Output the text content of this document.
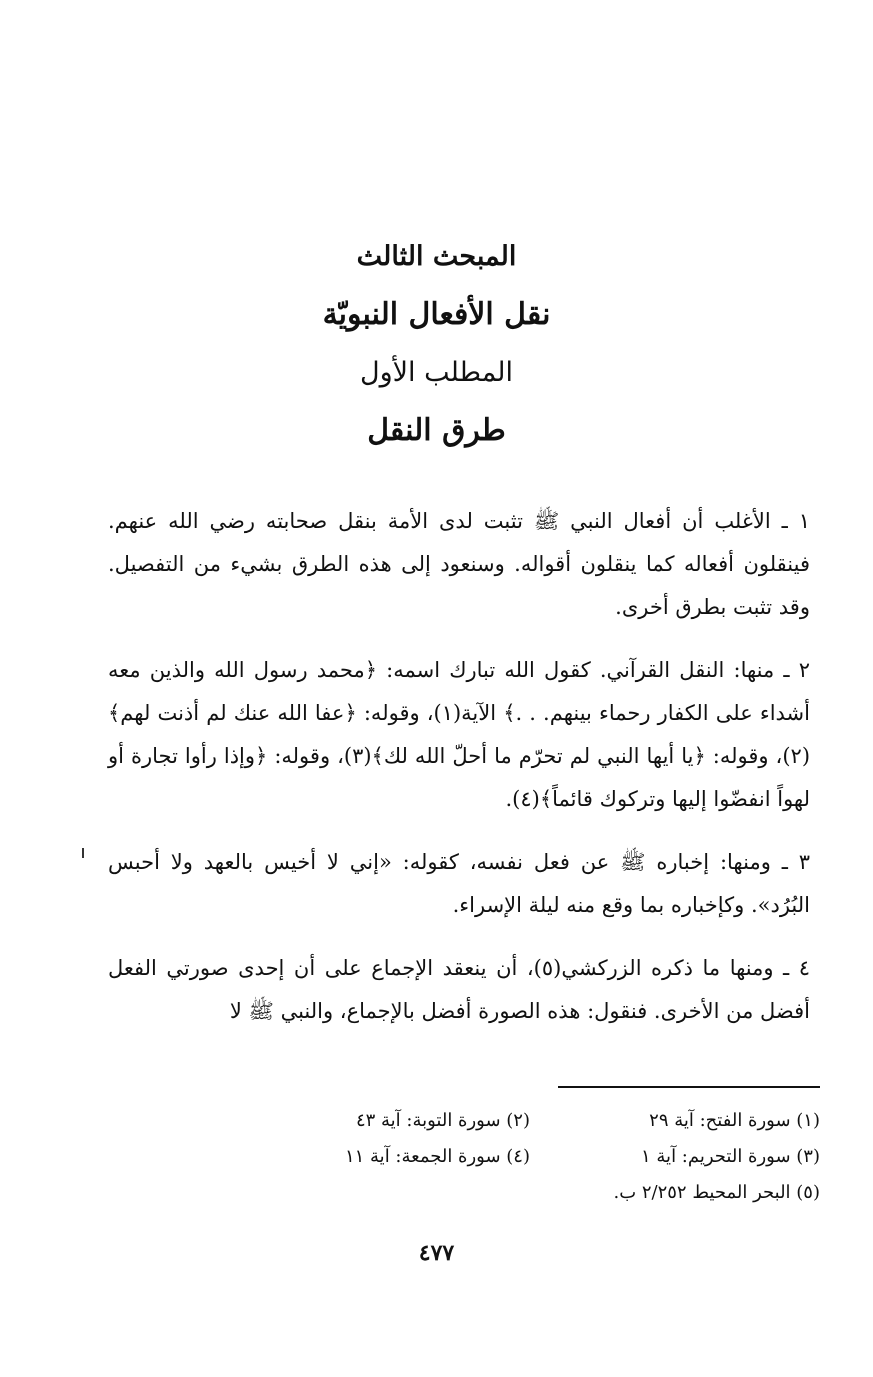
المبحث الثالث
نقل الأفعال النبويّة
المطلب الأول
طرق النقل

١ ـ الأغلب أن أفعال النبي ﷺ تثبت لدى الأمة بنقل صحابته رضي الله عنهم. فينقلون أفعاله كما ينقلون أقواله. وسنعود إلى هذه الطرق بشيء من التفصيل. وقد تثبت بطرق أخرى.

٢ ـ منها: النقل القرآني. كقول الله تبارك اسمه: ﴿محمد رسول الله والذين معه أشداء على الكفار رحماء بينهم. . .﴾ الآية(١)، وقوله: ﴿عفا الله عنك لم أذنت لهم﴾(٢)، وقوله: ﴿يا أيها النبي لم تحرّم ما أحلّ الله لك﴾(٣)، وقوله: ﴿وإذا رأوا تجارة أو لهواً انفضّوا إليها وتركوك قائماً﴾(٤).

٣ ـ ومنها: إخباره ﷺ عن فعل نفسه، كقوله: «إني لا أخيس بالعهد ولا أحبس البُرُد». وكإخباره بما وقع منه ليلة الإسراء.

٤ ـ ومنها ما ذكره الزركشي(٥)، أن ينعقد الإجماع على أن إحدى صورتي الفعل أفضل من الأخرى. فنقول: هذه الصورة أفضل بالإجماع، والنبي ﷺ لا

(١) سورة الفتح: آية ٢٩
(٢) سورة التوبة: آية ٤٣
(٣) سورة التحريم: آية ١
(٤) سورة الجمعة: آية ١١
(٥) البحر المحيط ٢/٢٥٢ ب.
٤٧٧
